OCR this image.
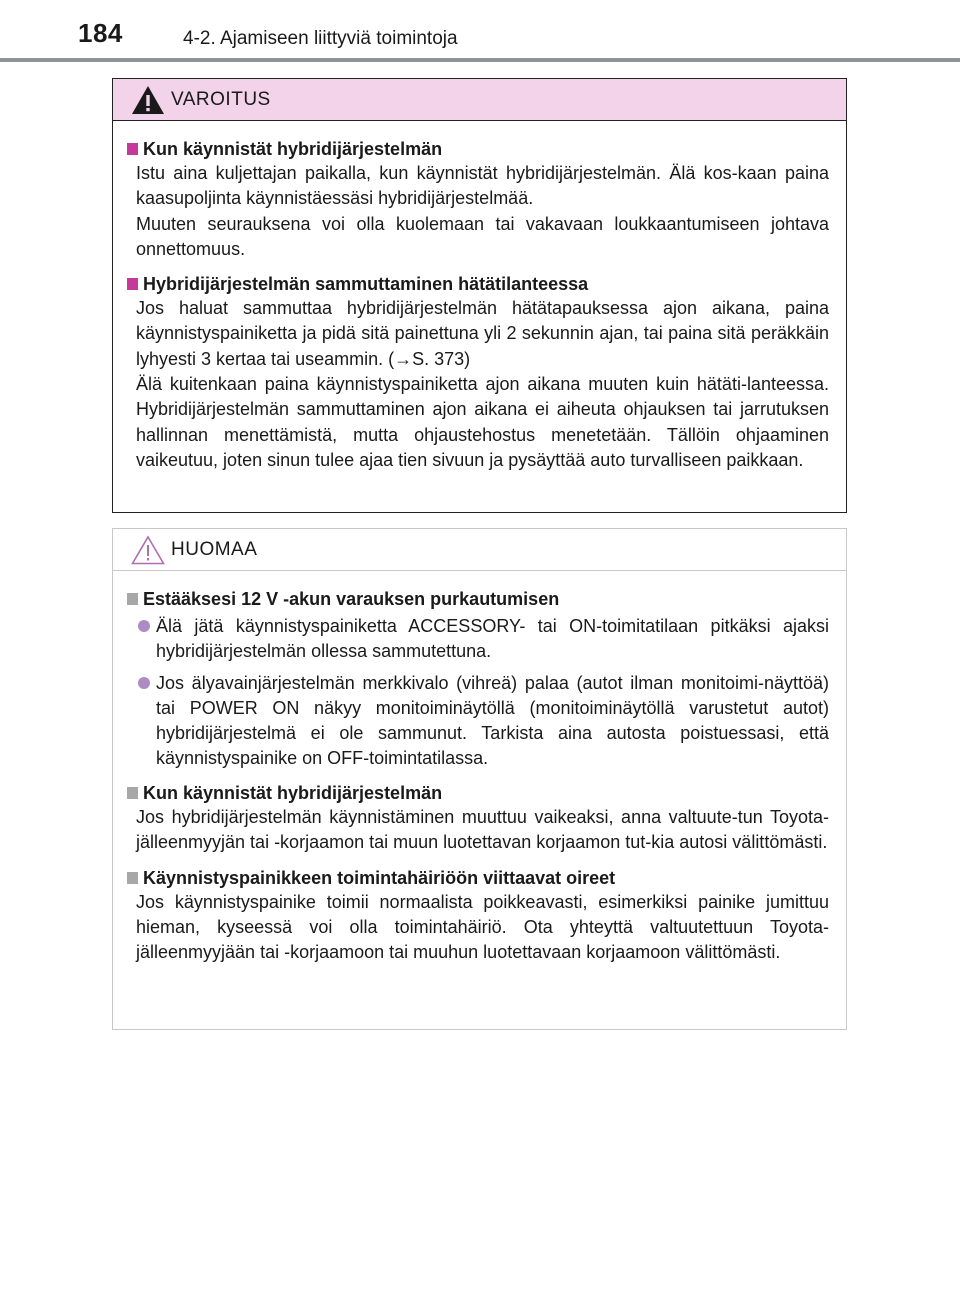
184	4-2. Ajamiseen liittyviä toimintoja
VAROITUS
Kun käynnistät hybridijärjestelmän

Istu aina kuljettajan paikalla, kun käynnistät hybridijärjestelmän. Älä kos-kaan paina kaasupoljinta käynnistäessäsi hybridijärjestelmää.

Muuten seurauksena voi olla kuolemaan tai vakavaan loukkaantumiseen johtava onnettomuus.

Hybridijärjestelmän sammuttaminen hätätilanteessa

Jos haluat sammuttaa hybridijärjestelmän hätätapauksessa ajon aikana, paina käynnistyspainiketta ja pidä sitä painettuna yli 2 sekunnin ajan, tai paina sitä peräkkäin lyhyesti 3 kertaa tai useammin. (→S. 373)

Älä kuitenkaan paina käynnistyspainiketta ajon aikana muuten kuin hätäti-lanteessa. Hybridijärjestelmän sammuttaminen ajon aikana ei aiheuta ohjauksen tai jarrutuksen hallinnan menettämistä, mutta ohjaustehostus menetetään. Tällöin ohjaaminen vaikeutuu, joten sinun tulee ajaa tien sivuun ja pysäyttää auto turvalliseen paikkaan.

HUOMAA
Estääksesi 12 V -akun varauksen purkautumisen
Älä jätä käynnistyspainiketta ACCESSORY- tai ON-toimitatilaan pitkäksi ajaksi hybridijärjestelmän ollessa sammutettuna.
Jos älyavainjärjestelmän merkkivalo (vihreä) palaa (autot ilman monitoimi-näyttöä) tai POWER ON näkyy monitoiminäytöllä (monitoiminäytöllä varustetut autot) hybridijärjestelmä ei ole sammunut. Tarkista aina autosta poistuessasi, että käynnistyspainike on OFF-toimintatilassa.
Kun käynnistät hybridijärjestelmän

Jos hybridijärjestelmän käynnistäminen muuttuu vaikeaksi, anna valtuute-tun Toyota-jälleenmyyjän tai -korjaamon tai muun luotettavan korjaamon tut-kia autosi välittömästi.

Käynnistyspainikkeen toimintahäiriöön viittaavat oireet

Jos käynnistyspainike toimii normaalista poikkeavasti, esimerkiksi painike jumittuu hieman, kyseessä voi olla toimintahäiriö. Ota yhteyttä valtuutettuun Toyota-jälleenmyyjään tai -korjaamoon tai muuhun luotettavaan korjaamoon välittömästi.
